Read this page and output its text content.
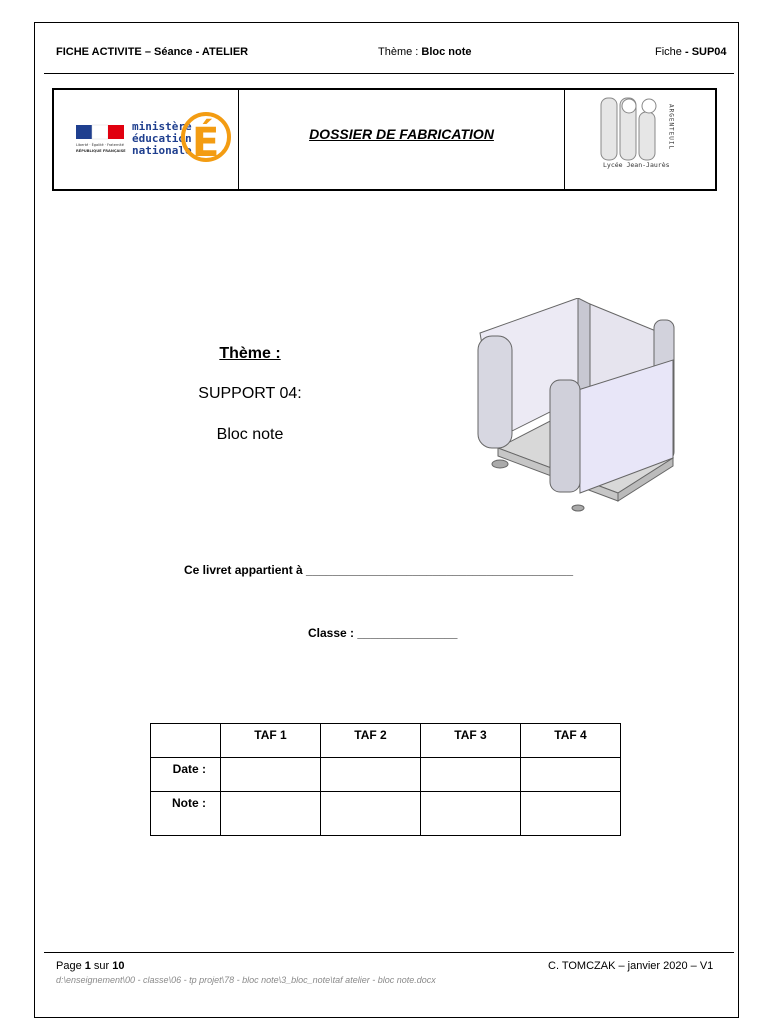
FICHE ACTIVITE – Séance - ATELIER	Thème : Bloc note	Fiche - SUP04
Liberté · Égalité · Fraternité
RÉPUBLIQUE FRANÇAISE
ministère
éducation
nationale É	DOSSIER DE FABRICATION
Lycée Jean-Jaurès
ARGENTEUIL
Thème :
SUPPORT 04:
Bloc note
Ce livret appartient à ________________________________________
Classe : _______________
	TAF 1	TAF 2	TAF 3	TAF 4
Date :				
Note :				
Page 1 sur 10
d:\enseignement\00 - classe\06 - tp projet\78 - bloc note\3_bloc_note\taf atelier - bloc note.docx
C. TOMCZAK – janvier 2020 – V1
